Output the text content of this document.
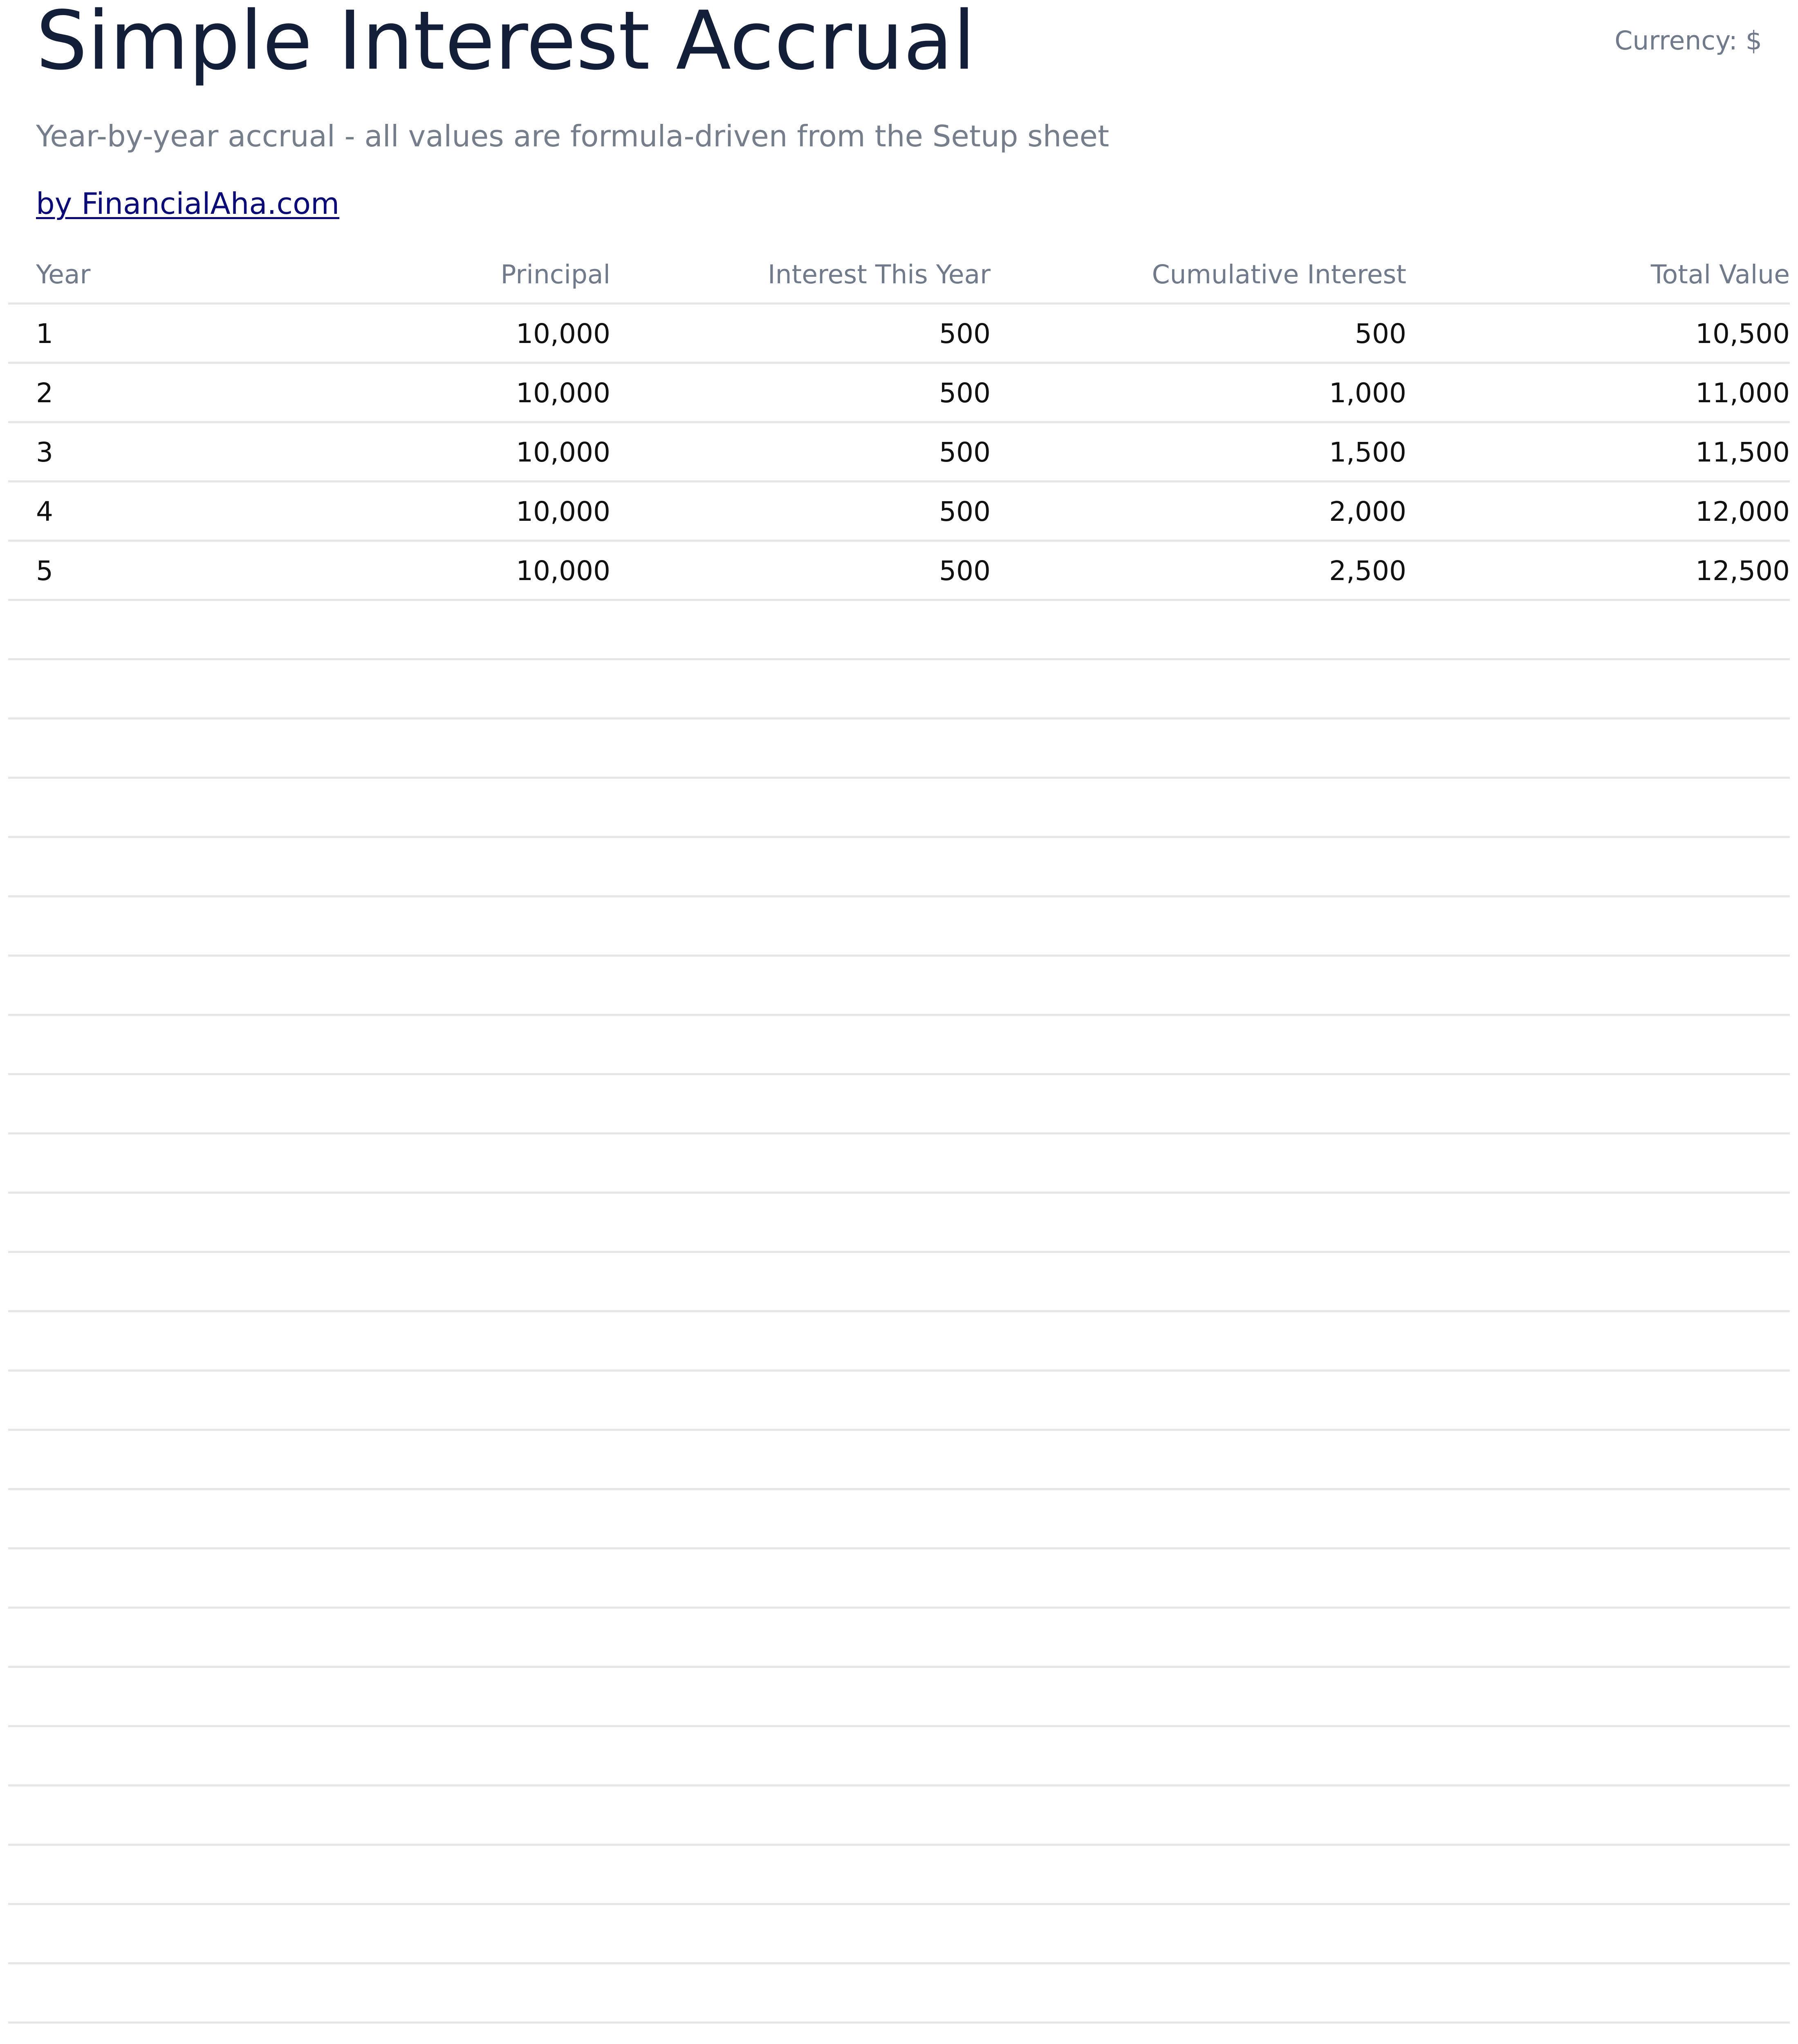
Simple Interest Accrual	Currency: $
Year-by-year accrual - all values are formula-driven from the Setup sheet
by FinancialAha.com
Year	Principal	Interest This Year	Cumulative Interest	Total Value
1	10,000	500	500	10,500
2	10,000	500	1,000	11,000
3	10,000	500	1,500	11,500
4	10,000	500	2,000	12,000
5	10,000	500	2,500	12,500
